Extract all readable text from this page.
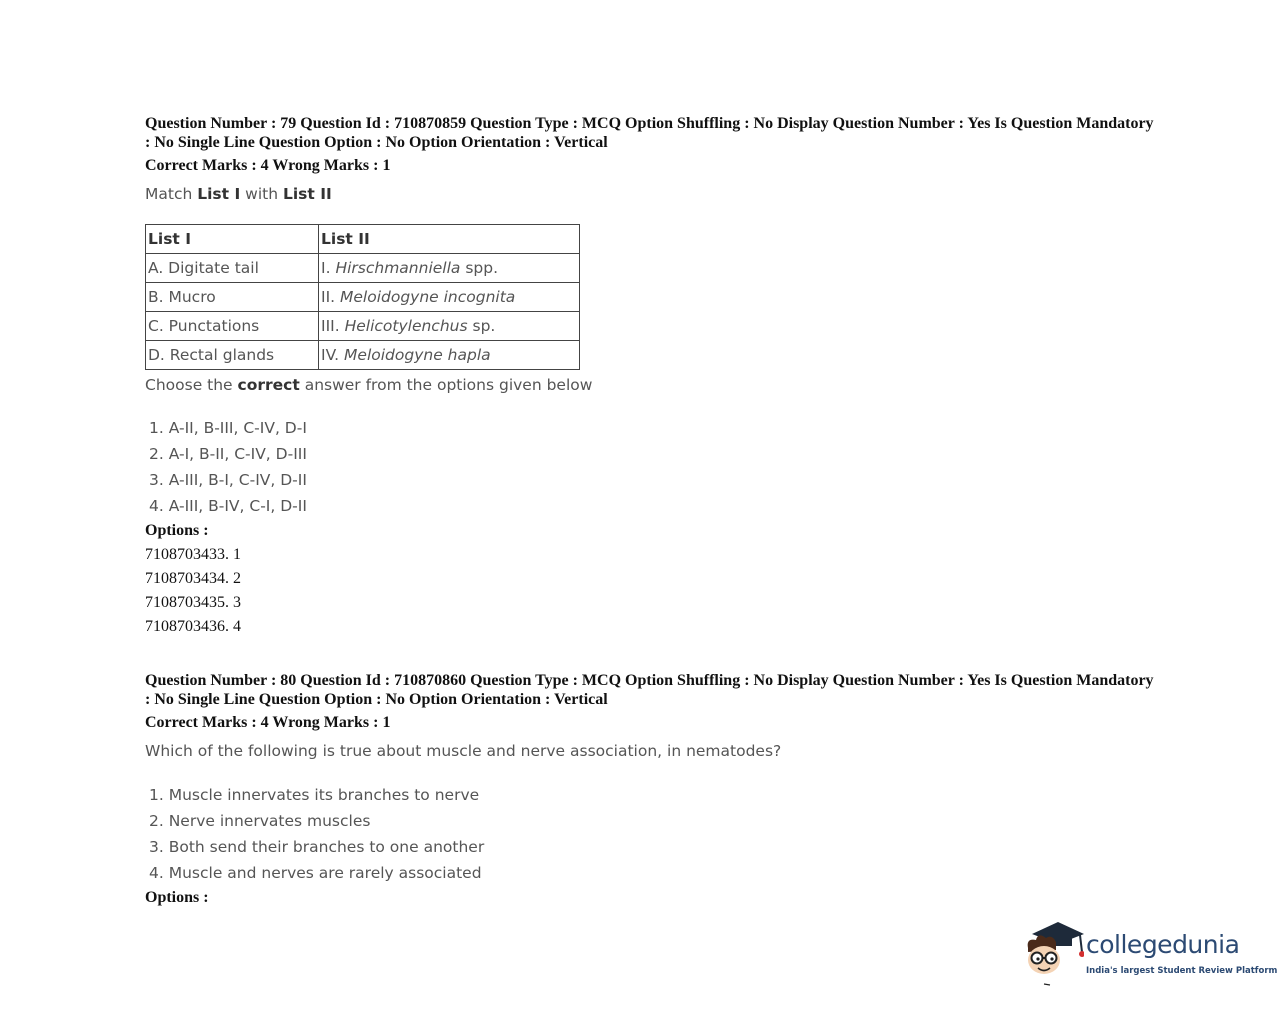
Question Number : 79 Question Id : 710870859 Question Type : MCQ Option Shuffling : No Display Question Number : Yes Is Question Mandatory : No Single Line Question Option : No Option Orientation : Vertical
Correct Marks : 4 Wrong Marks : 1
Match List I with List II
List I	List II
A. Digitate tail	I. Hirschmanniella spp.
B. Mucro	II. Meloidogyne incognita
C. Punctations	III. Helicotylenchus sp.
D. Rectal glands	IV. Meloidogyne hapla
Choose the correct answer from the options given below
1. A-II, B-III, C-IV, D-I
2. A-I, B-II, C-IV, D-III
3. A-III, B-I, C-IV, D-II
4. A-III, B-IV, C-I, D-II
Options :
7108703433. 1
7108703434. 2
7108703435. 3
7108703436. 4
Question Number : 80 Question Id : 710870860 Question Type : MCQ Option Shuffling : No Display Question Number : Yes Is Question Mandatory : No Single Line Question Option : No Option Orientation : Vertical
Correct Marks : 4 Wrong Marks : 1
Which of the following is true about muscle and nerve association, in nematodes?
1. Muscle innervates its branches to nerve
2. Nerve innervates muscles
3. Both send their branches to one another
4. Muscle and nerves are rarely associated
Options :
collegedunia
India's largest Student Review Platform
